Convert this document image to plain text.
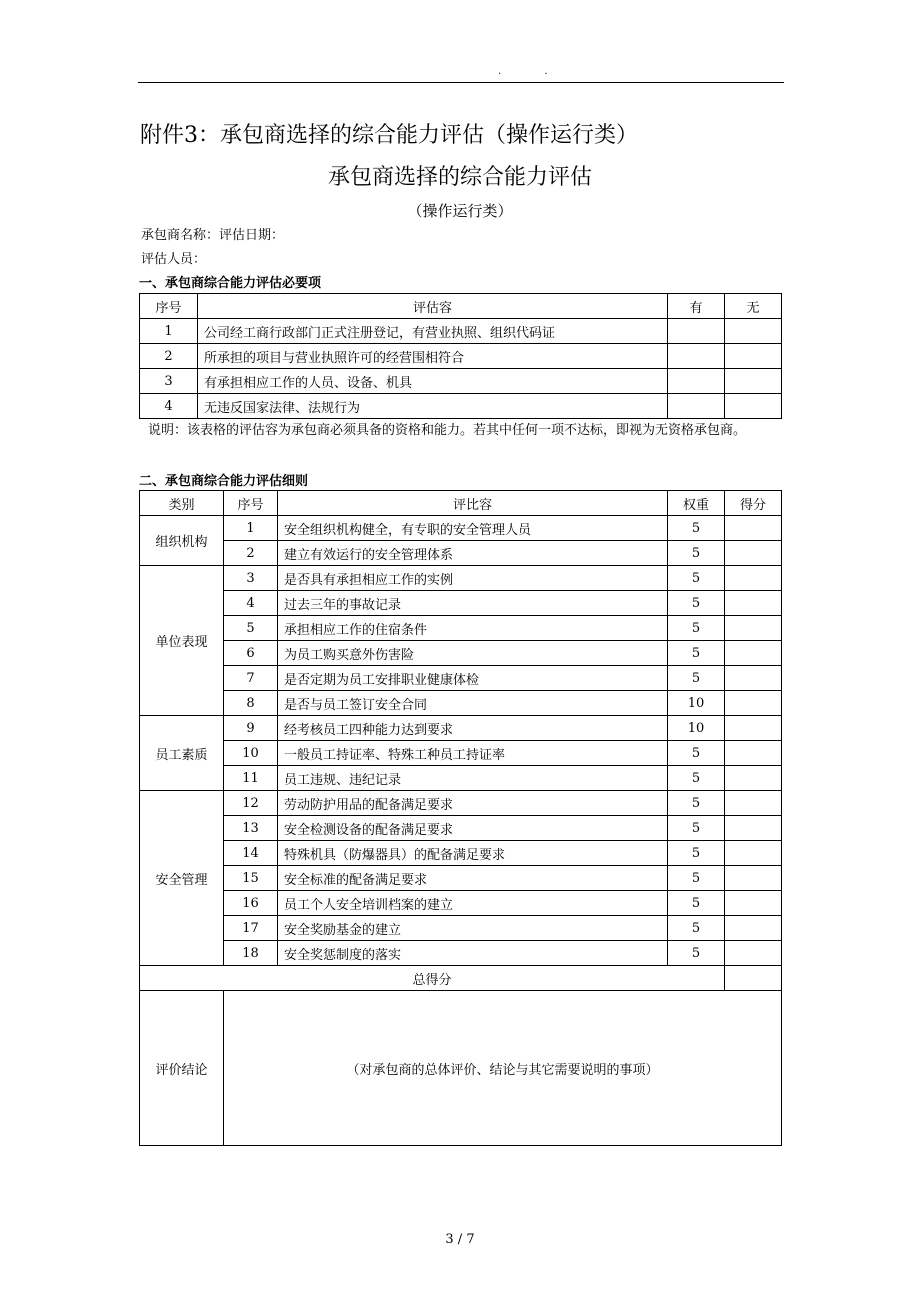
. .
附件3：承包商选择的综合能力评估（操作运行类）
承包商选择的综合能力评估
（操作运行类）
承包商名称：评估日期：
评估人员：
一、承包商综合能力评估必要项
序号	评估容	有	无
1	公司经工商行政部门正式注册登记，有营业执照、组织代码证		
2	所承担的项目与营业执照许可的经营围相符合		
3	有承担相应工作的人员、设备、机具		
4	无违反国家法律、法规行为		
说明：该表格的评估容为承包商必须具备的资格和能力。若其中任何一项不达标，即视为无资格承包商。
二、承包商综合能力评估细则
类别	序号	评比容	权重	得分
组织机构	1	安全组织机构健全，有专职的安全管理人员	5	
	2	建立有效运行的安全管理体系	5	
单位表现	3	是否具有承担相应工作的实例	5	
	4	过去三年的事故记录	5	
	5	承担相应工作的住宿条件	5	
	6	为员工购买意外伤害险	5	
	7	是否定期为员工安排职业健康体检	5	
	8	是否与员工签订安全合同	10	
员工素质	9	经考核员工四种能力达到要求	10	
	10	一般员工持证率、特殊工种员工持证率	5	
	11	员工违规、违纪记录	5	
安全管理	12	劳动防护用品的配备满足要求	5	
	13	安全检测设备的配备满足要求	5	
	14	特殊机具（防爆器具）的配备满足要求	5	
	15	安全标准的配备满足要求	5	
	16	员工个人安全培训档案的建立	5	
	17	安全奖励基金的建立	5	
	18	安全奖惩制度的落实	5	
总得分				
评价结论	（对承包商的总体评价、结论与其它需要说明的事项）			
3 / 7
